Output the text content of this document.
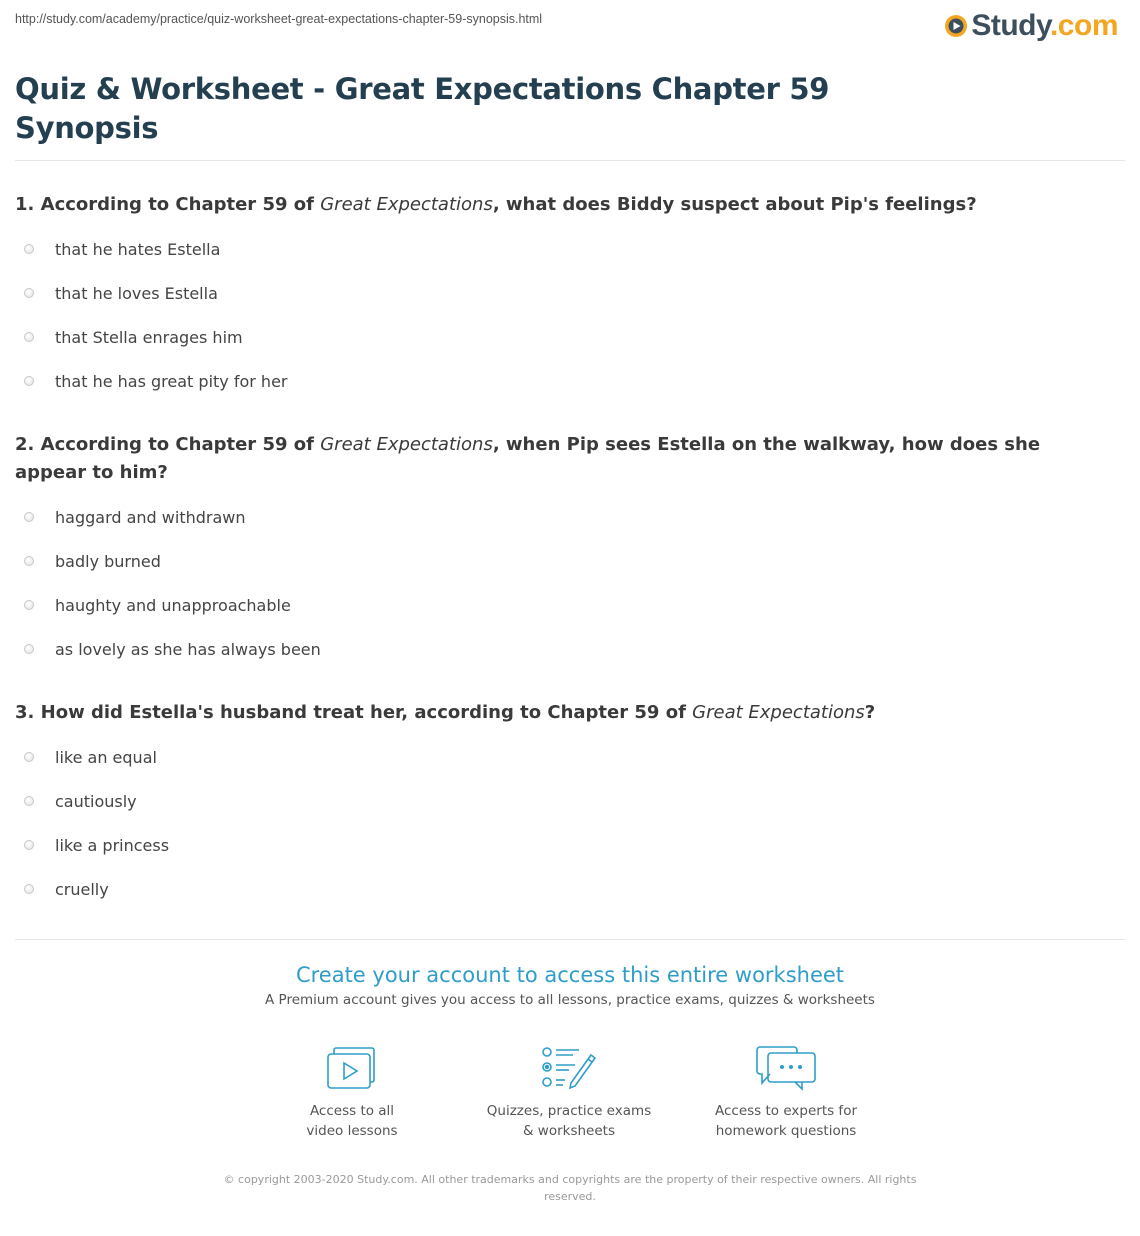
http://study.com/academy/practice/quiz-worksheet-great-expectations-chapter-59-synopsis.html	Study.com
Quiz & Worksheet - Great Expectations Chapter 59 Synopsis

1. According to Chapter 59 of Great Expectations, what does Biddy suspect about Pip's feelings?

that he hates Estella
that he loves Estella
that Stella enrages him
that he has great pity for her

2. According to Chapter 59 of Great Expectations, when Pip sees Estella on the walkway, how does she appear to him?

haggard and withdrawn
badly burned
haughty and unapproachable
as lovely as she has always been

3. How did Estella's husband treat her, according to Chapter 59 of Great Expectations?

like an equal
cautiously
like a princess
cruelly

Create your account to access this entire worksheet

A Premium account gives you access to all lessons, practice exams, quizzes & worksheets
Access to all
video lessons
Quizzes, practice exams
& worksheets
Access to experts for
homework questions
© copyright 2003-2020 Study.com. All other trademarks and copyrights are the property of their respective owners. All rights reserved.
